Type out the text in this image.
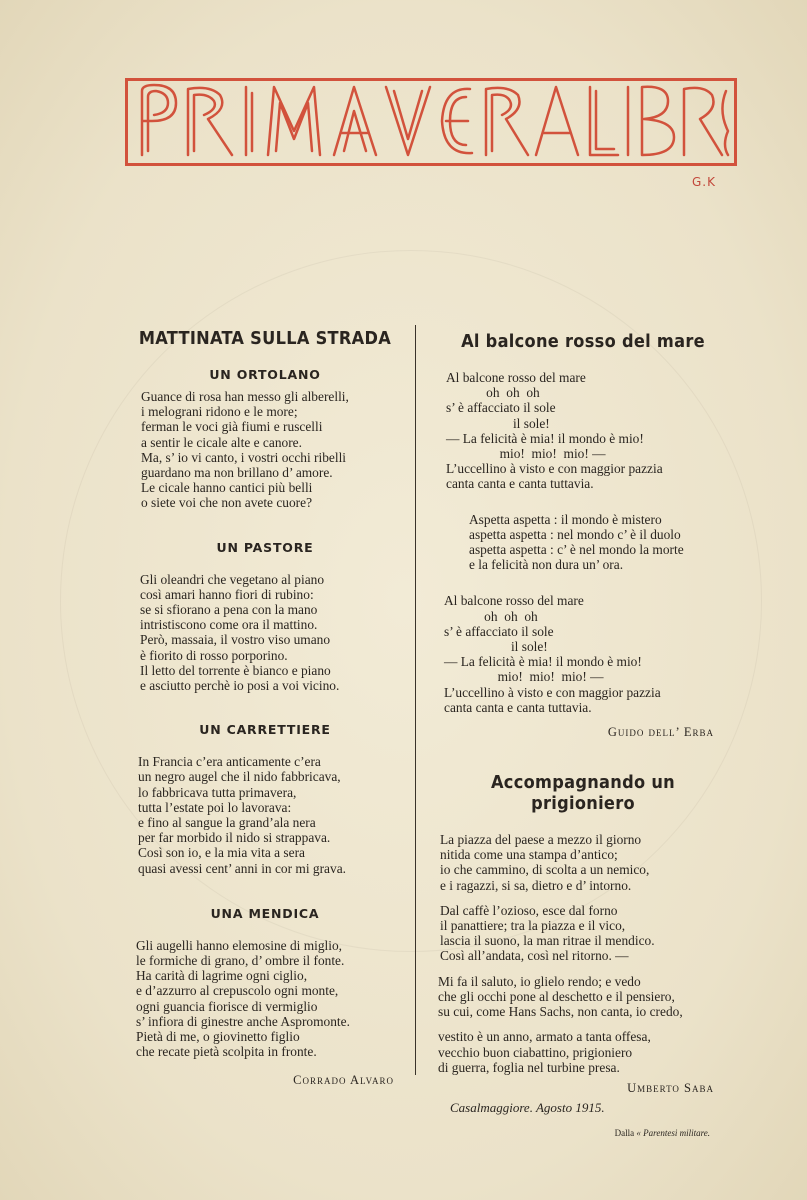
G.K
MATTINATA SULLA STRADA
UN ORTOLANO
Guance di rosa han messo gli alberelli,
i melograni ridono e le more;
ferman le voci già fiumi e ruscelli
a sentir le cicale alte e canore.
Ma, s’ io vi canto, i vostri occhi ribelli
guardano ma non brillano d’ amore.
Le cicale hanno cantici più belli
o siete voi che non avete cuore?
UN PASTORE
Gli oleandri che vegetano al piano
così amari hanno fiori di rubino:
se si sfiorano a pena con la mano
intristiscono come ora il mattino.
Però, massaia, il vostro viso umano
è fiorito di rosso porporino.
Il letto del torrente è bianco e piano
e asciutto perchè io posi a voi vicino.
UN CARRETTIERE
In Francia c’era anticamente c’era
un negro augel che il nido fabbricava,
lo fabbricava tutta primavera,
tutta l’estate poi lo lavorava:
e fino al sangue la grand’ala nera
per far morbido il nido si strappava.
Così son io, e la mia vita a sera
quasi avessi cent’ anni in cor mi grava.
UNA MENDICA
Gli augelli hanno elemosine di miglio,
le formiche di grano, d’ ombre il fonte.
Ha carità di lagrime ogni ciglio,
e d’azzurro al crepuscolo ogni monte,
ogni guancia fiorisce di vermiglio
s’ infiora di ginestre anche Aspromonte.
Pietà di me, o giovinetto figlio
che recate pietà scolpita in fronte.
Corrado Alvaro
Al balcone rosso del mare
Al balcone rosso del mare
oh  oh  oh
s’ è affacciato il sole
il sole!
— La felicità è mia! il mondo è mio!
mio!  mio!  mio! —
L’uccellino à visto e con maggior pazzia
canta canta e canta tuttavia.
Aspetta aspetta : il mondo è mistero
aspetta aspetta : nel mondo c’ è il duolo
aspetta aspetta : c’ è nel mondo la morte
e la felicità non dura un’ ora.
Al balcone rosso del mare
oh  oh  oh
s’ è affacciato il sole
il sole!
— La felicità è mia! il mondo è mio!
mio!  mio!  mio! —
L’uccellino à visto e con maggior pazzia
canta canta e canta tuttavia.
Guido dell’ Erba
Accompagnando un prigioniero
La piazza del paese a mezzo il giorno
nitida come una stampa d’antico;
io che cammino, di scolta a un nemico,
e i ragazzi, si sa, dietro e d’ intorno.
Dal caffè l’ozioso, esce dal forno
il panattiere; tra la piazza e il vico,
lascia il suono, la man ritrae il mendico.
Così all’andata, così nel ritorno. —
Mi fa il saluto, io glielo rendo; e vedo
che gli occhi pone al deschetto e il pensiero,
su cui, come Hans Sachs, non canta, io credo,
vestito è un anno, armato a tanta offesa,
vecchio buon ciabattino, prigioniero
di guerra, foglia nel turbine presa.
Umberto Saba
Casalmaggiore. Agosto 1915.
Dalla « Parentesi militare.
